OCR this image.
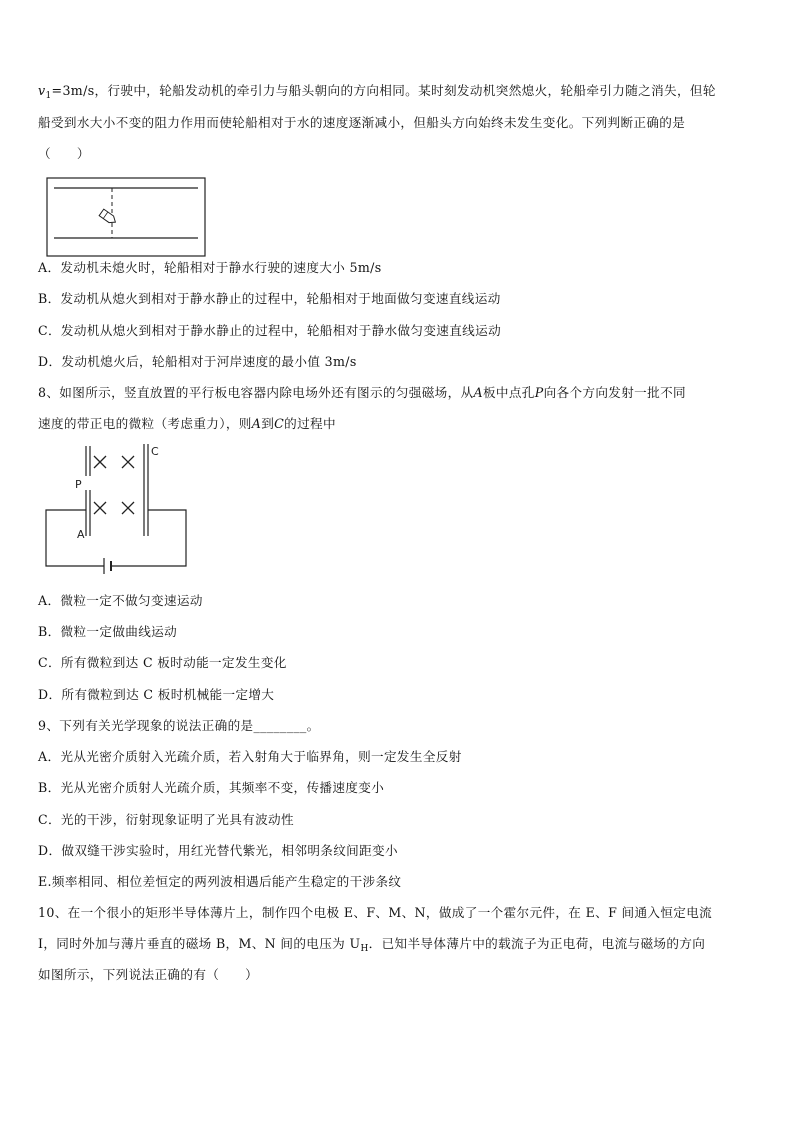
$v_1=3m/s$，行驶中，轮船发动机的牵引力与船头朝向的方向相同。某时刻发动机突然熄火，轮船牵引力随之消失，但轮
船受到水大小不变的阻力作用而使轮船相对于水的速度逐渐减小，但船头方向始终未发生变化。下列判断正确的是
（　　）
A．发动机未熄火时，轮船相对于静水行驶的速度大小 5m/s
B．发动机从熄火到相对于静水静止的过程中，轮船相对于地面做匀变速直线运动
C．发动机从熄火到相对于静水静止的过程中，轮船相对于静水做匀变速直线运动
D．发动机熄火后，轮船相对于河岸速度的最小值 3m/s
8、如图所示，竖直放置的平行板电容器内除电场外还有图示的匀强磁场，从A板中点孔P向各个方向发射一批不同
速度的带正电的微粒（考虑重力），则A到C的过程中
C
P
A
A．微粒一定不做匀变速运动
B．微粒一定做曲线运动
C．所有微粒到达 C 板时动能一定发生变化
D．所有微粒到达 C 板时机械能一定增大
9、下列有关光学现象的说法正确的是________。
A．光从光密介质射入光疏介质，若入射角大于临界角，则一定发生全反射
B．光从光密介质射人光疏介质，其频率不变，传播速度变小
C．光的干涉，衍射现象证明了光具有波动性
D．做双缝干涉实验时，用红光替代紫光，相邻明条纹间距变小
E.频率相同、相位差恒定的两列波相遇后能产生稳定的干涉条纹
10、在一个很小的矩形半导体薄片上，制作四个电极 E、F、M、N，做成了一个霍尔元件，在 E、F 间通入恒定电流
I，同时外加与薄片垂直的磁场 B，M、N 间的电压为 $U_H$．已知半导体薄片中的载流子为正电荷，电流与磁场的方向
如图所示，下列说法正确的有（　　）
